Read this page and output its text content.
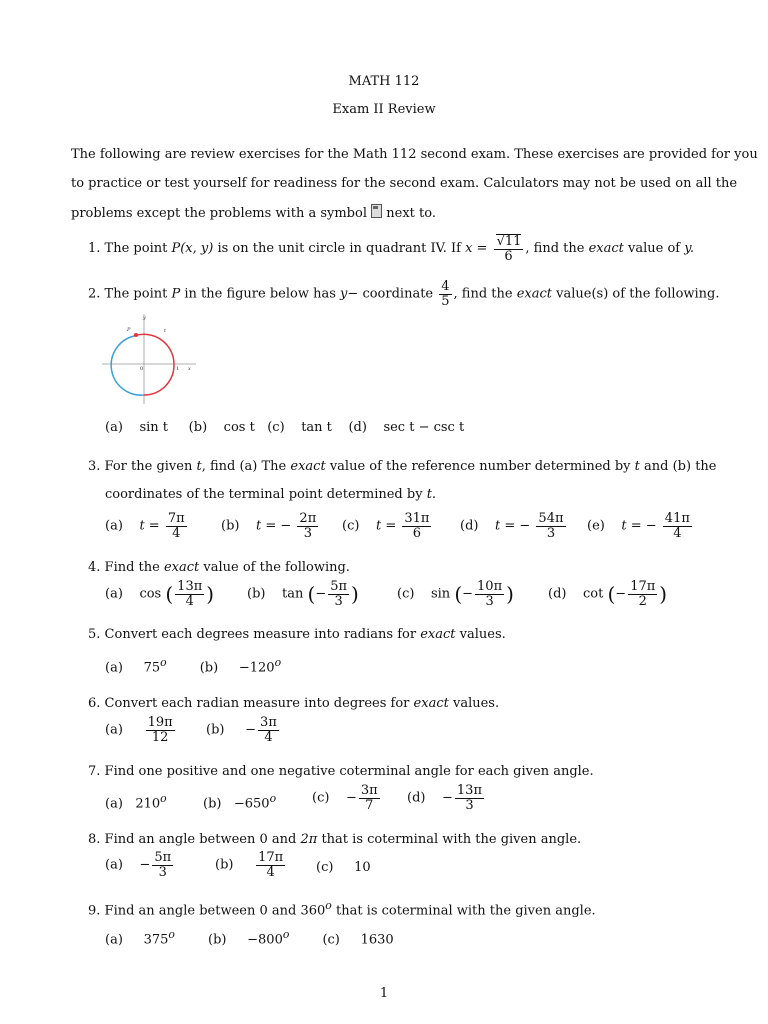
MATH 112
Exam II Review
The following are review exercises for the Math 112 second exam. These exercises are provided for you
to practice or test yourself for readiness for the second exam. Calculators may not be used on all the
problems except the problems with a symbol next to.
1. The point P(x, y) is on the unit circle in quadrant IV. If $x = \frac{√11}{6}$ , find the exact value of y.
2. The point P in the figure below has y− coordinate $\frac{4}{5}$ , find the exact value(s) of the following.
y
P	t
0	1 x
(a) sin t (b) cos t (c) tan t (d) sec t − csc t
3. For the given t, find (a) The exact value of the reference number determined by t and (b) the
coordinates of the terminal point determined by t.
(a) $t = \frac{7\pi}{4}$	(b) t = − $\frac{2\pi}{3} (c) t = \frac{31\pi}{6} (d) t$ = − $\frac{54\pi}{3} (e) t$ = − $\frac{41\pi}{4}$
4. Find the exact value of the following.
(a) cos ( $\frac{13\pi}{4}$ )	(b) tan (− $\frac{5\pi}{3}$ )	(c) sin (− $\frac{10\pi}{3}$ )	(d) cot (− $\frac{17\pi}{2}$ )
5. Convert each degrees measure into radians for exact values.
(a) 75$^o$	$(b) -120^o$
6. Convert each radian measure into degrees for exact values.
$(a) \frac{19\pi}{12} (b) - \frac{3\pi}{4}$
7. Find one positive and one negative coterminal angle for each given angle.
(a) 210$^o$	$(b) -650^o$	$(c) - \frac{3\pi}{7} (d) - \frac{13\pi}{3}$
8. Find an angle between 0 and 2π that is coterminal with the given angle.
$(a) - \frac{5\pi}{3}$	$(b) \frac{17\pi}{4} (c)$ 10
9. Find an angle between 0 and 360$^o$ that is coterminal with the given angle.
(a) 375$^o$	$(b) -800^o$	(c) 1630
1
